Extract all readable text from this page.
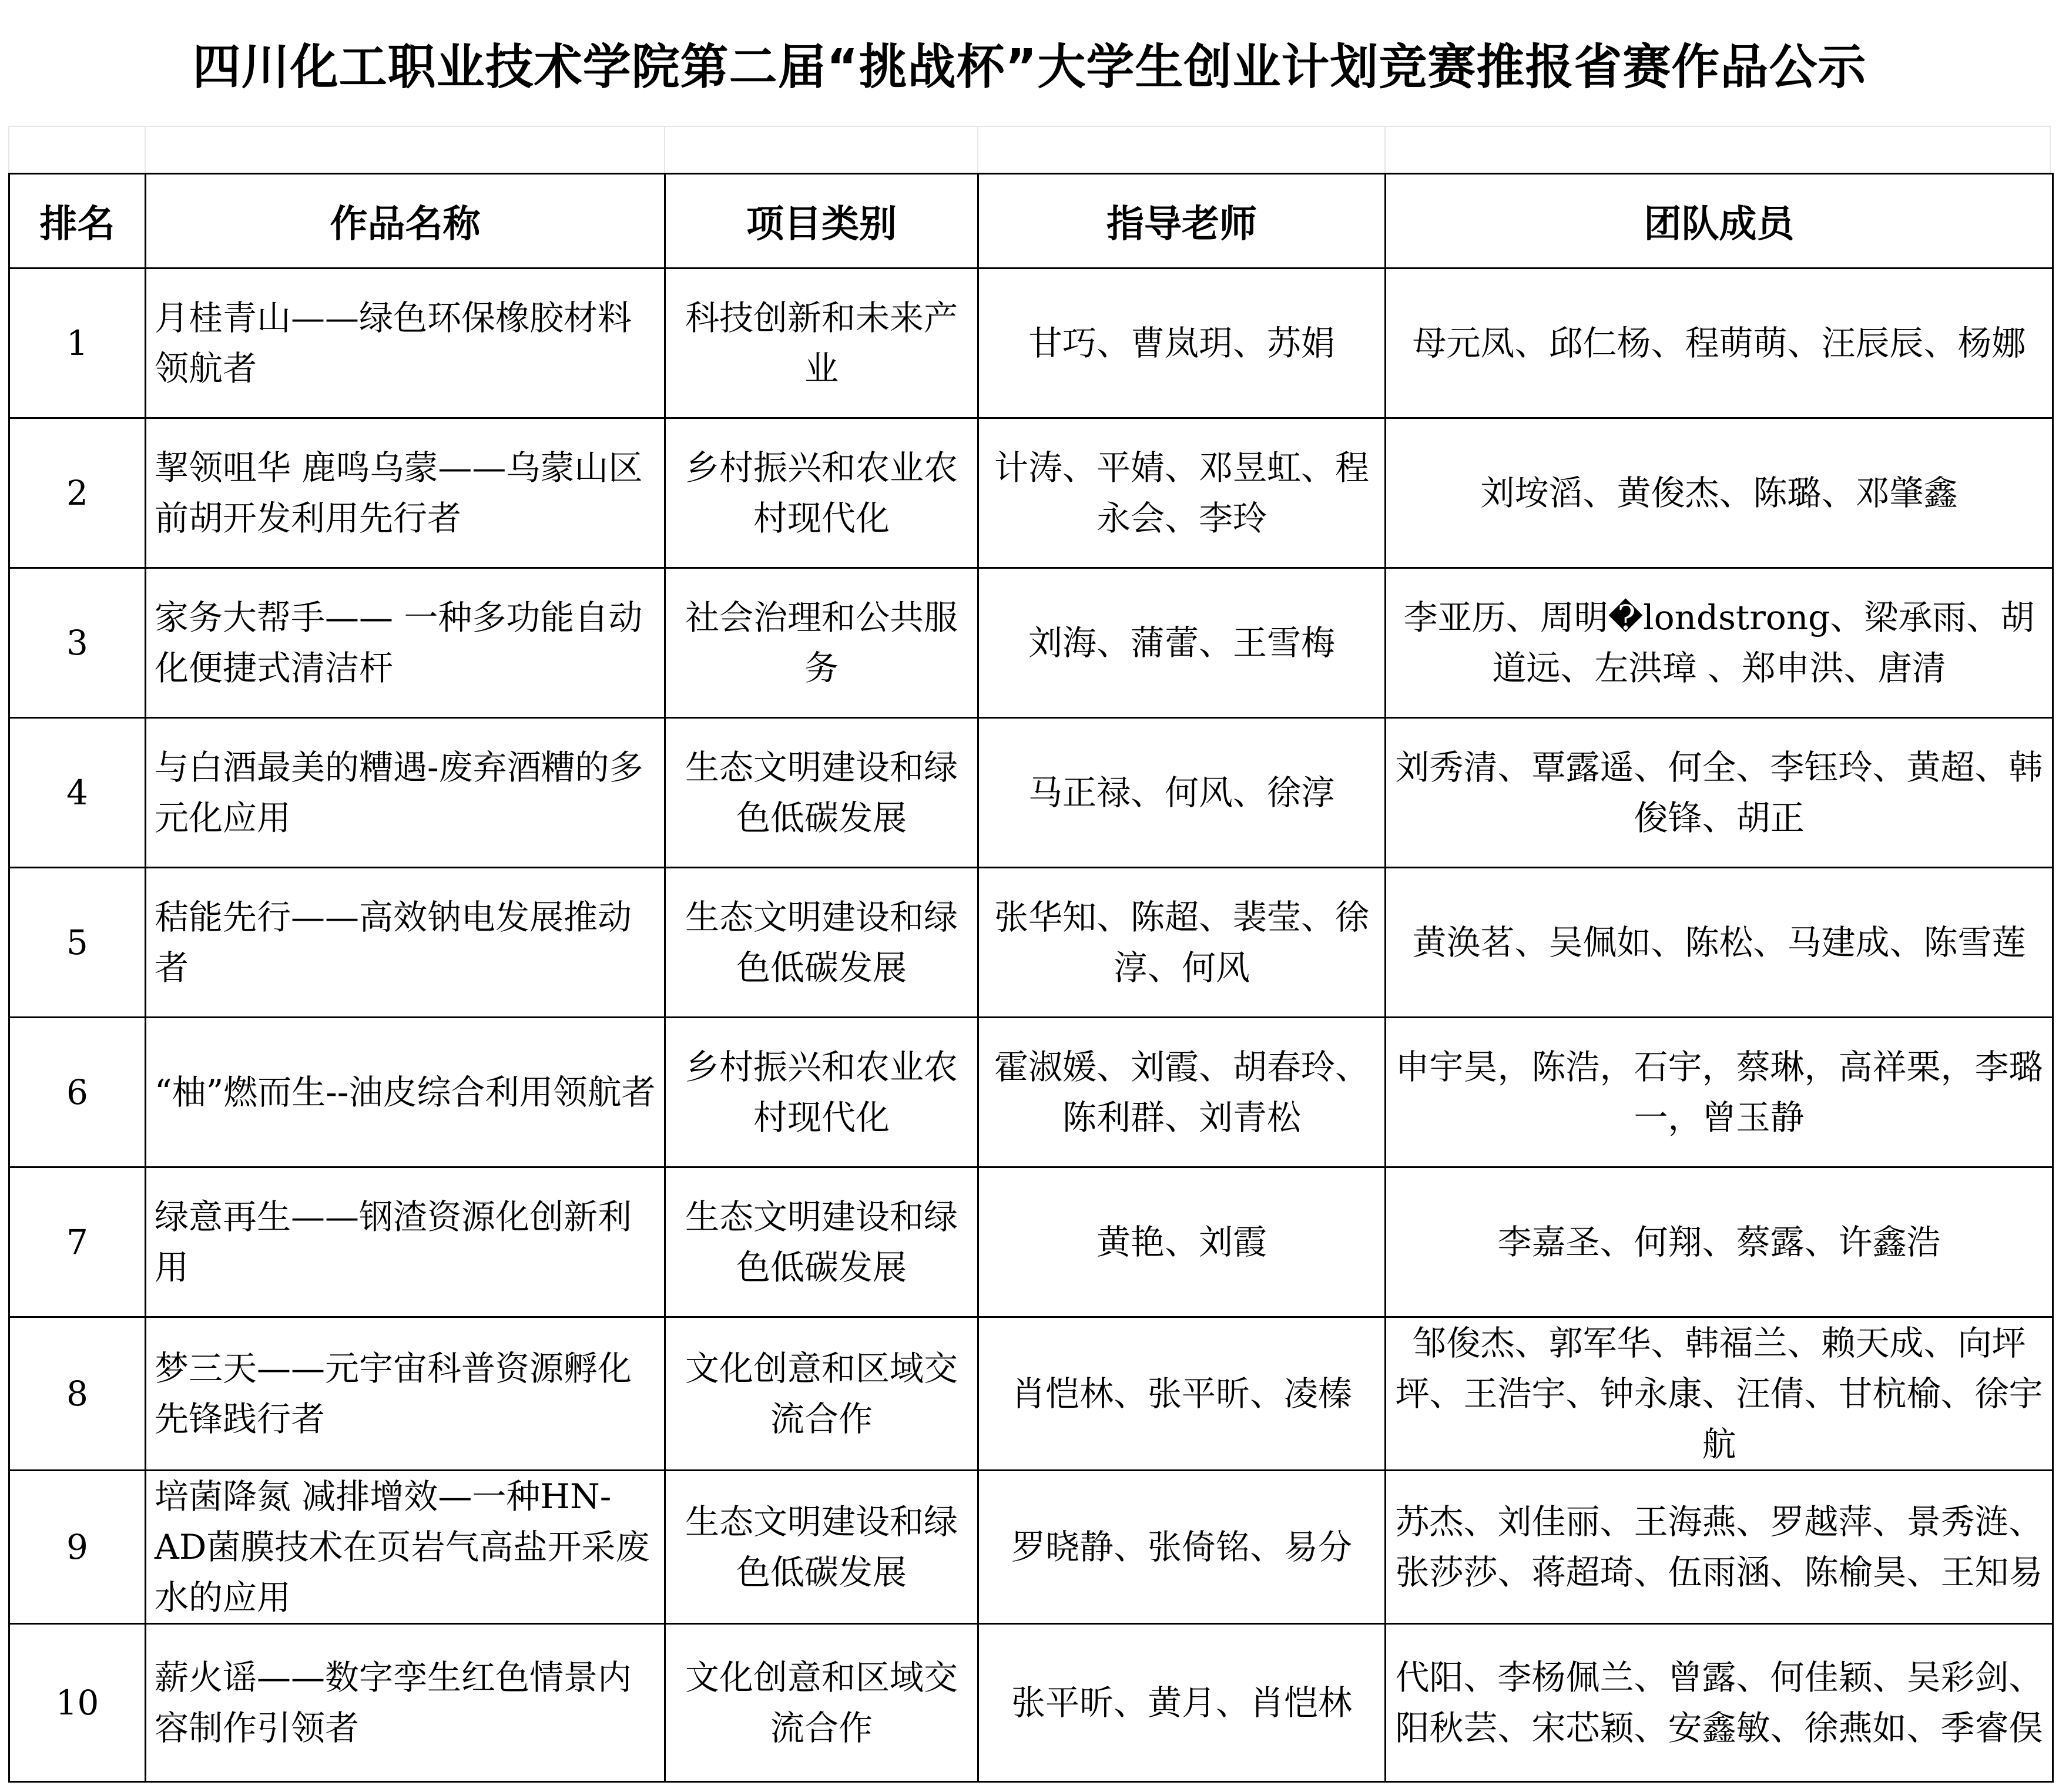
四川化工职业技术学院第二届“挑战杯”大学生创业计划竞赛推报省赛作品公示
排名	作品名称	项目类别	指导老师	团队成员
1	月桂青山——绿色环保橡胶材料领航者	科技创新和未来产业	甘巧、曹岚玥、苏娟	母元凤、邱仁杨、程萌萌、汪辰辰、杨娜
2	挈领咀华 鹿鸣乌蒙——乌蒙山区前胡开发利用先行者	乡村振兴和农业农村现代化	计涛、平婧、邓昱虹、程永会、李玲	刘垵滔、黄俊杰、陈璐、邓肇鑫
3	家务大帮手—— 一种多功能自动化便捷式清洁杆	社会治理和公共服务	刘海、蒲蕾、王雪梅	李亚历、周明�londstrong、梁承雨、胡道远、左洪璋 、郑申洪、唐清
4	与白酒最美的糟遇-废弃酒糟的多元化应用	生态文明建设和绿色低碳发展	马正禄、何风、徐淳	刘秀清、覃露遥、何全、李钰玲、黄超、韩俊锋、胡正
5	秸能先行——高效钠电发展推动者	生态文明建设和绿色低碳发展	张华知、陈超、裴莹、徐淳、何风	黄涣茗、吴佩如、陈松、马建成、陈雪莲
6	“柚”燃而生--油皮综合利用领航者	乡村振兴和农业农村现代化	霍淑媛、刘霞、胡春玲、陈利群、刘青松	申宇昊，陈浩，石宇，蔡琳，高祥栗，李璐一，曾玉静
7	绿意再生——钢渣资源化创新利用	生态文明建设和绿色低碳发展	黄艳、刘霞	李嘉圣、何翔、蔡露、许鑫浩
8	梦三天——元宇宙科普资源孵化先锋践行者	文化创意和区域交流合作	肖恺林、张平昕、凌榛	邹俊杰、郭军华、韩福兰、赖天成、向坪坪、王浩宇、钟永康、汪倩、甘杭榆、徐宇航
9	培菌降氮 减排增效—一种HN-AD菌膜技术在页岩气高盐开采废水的应用	生态文明建设和绿色低碳发展	罗晓静、张倚铭、易分	苏杰、刘佳丽、王海燕、罗越萍、景秀涟、张莎莎、蒋超琦、伍雨涵、陈榆昊、王知易
10	薪火谣——数字孪生红色情景内容制作引领者	文化创意和区域交流合作	张平昕、黄月、肖恺林	代阳、李杨佩兰、曾露、何佳颖、吴彩剑、阳秋芸、宋芯颖、安鑫敏、徐燕如、季睿俣
